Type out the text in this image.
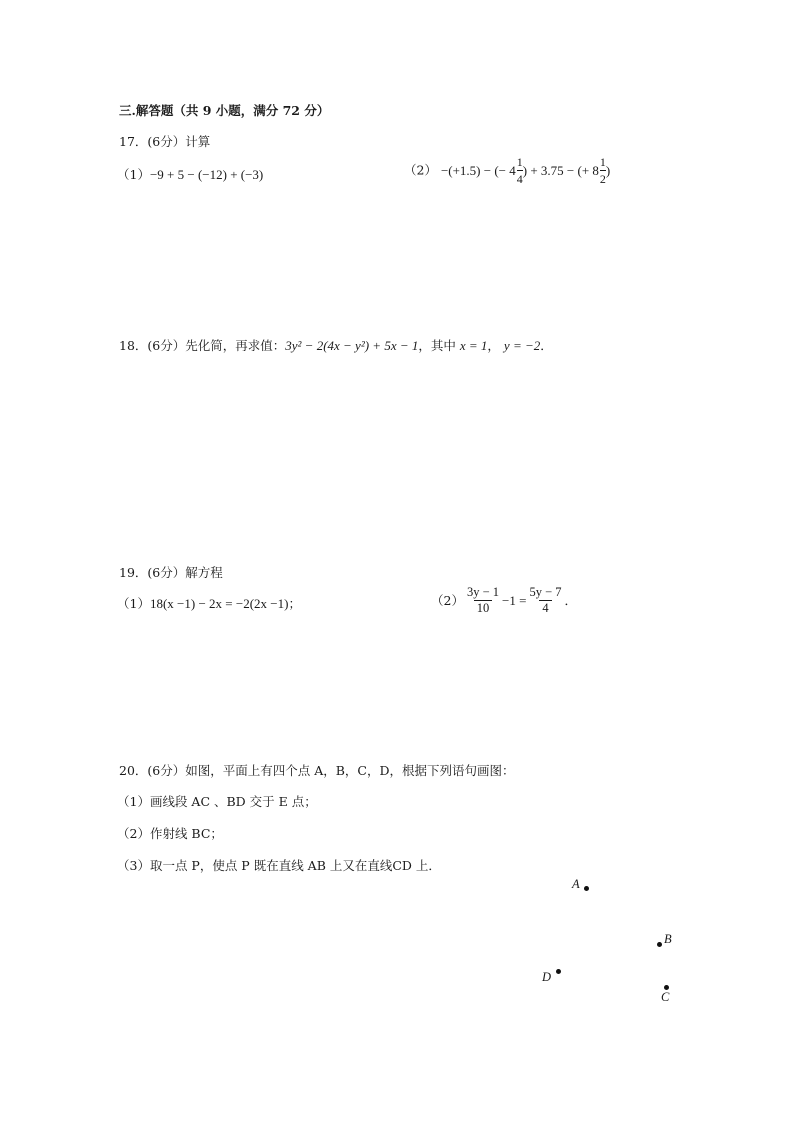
三.解答题（共 9 小题，满分 72 分）
17．(6分）计算
（1）−9 + 5 − (−12) + (−3)	（2） −(+1.5) − (− $4 \frac{1}{4}$ ) + 3.75 − (+ $8 \frac{1}{2}$ )
18．(6分）先化简，再求值：3y² − 2(4x − y²) + 5x − 1，其中 x = 1， y = −2．
19．(6分）解方程
（1）18(x −1) − 2x = −2(2x −1)；	$(2) \frac{3y - 1}{10} -1 = \frac{5y - 7}{4}$ ．
20．(6分）如图，平面上有四个点 A，B，C，D，根据下列语句画图：
（1）画线段 AC 、BD 交于 E 点；
（2）作射线 BC；
（3）取一点 P，使点 P 既在直线 AB 上又在直线CD 上．
A
B
D
C
